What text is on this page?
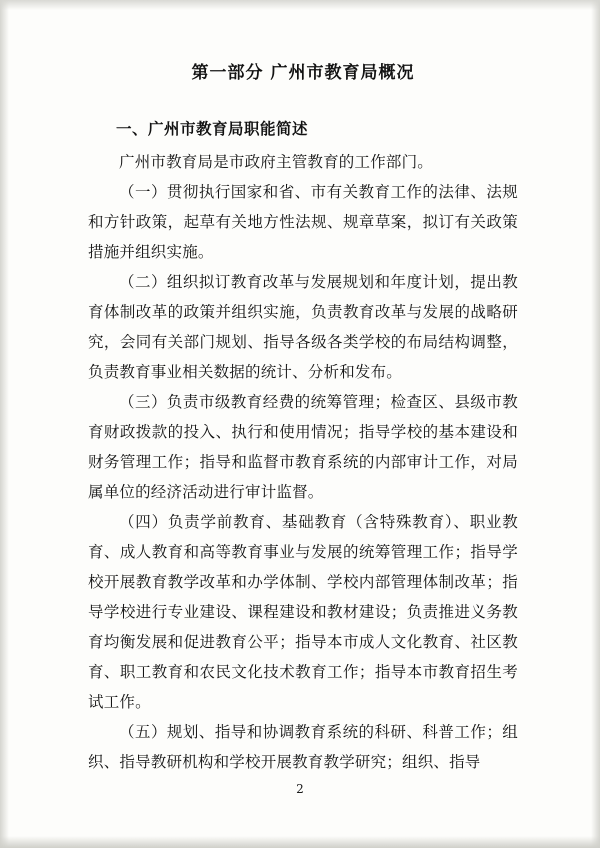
第一部分 广州市教育局概况
一、广州市教育局职能简述

广州市教育局是市政府主管教育的工作部门。

（一）贯彻执行国家和省、市有关教育工作的法律、法规和方针政策，起草有关地方性法规、规章草案，拟订有关政策措施并组织实施。

（二）组织拟订教育改革与发展规划和年度计划，提出教育体制改革的政策并组织实施，负责教育改革与发展的战略研究，会同有关部门规划、指导各级各类学校的布局结构调整，负责教育事业相关数据的统计、分析和发布。

（三）负责市级教育经费的统筹管理；检查区、县级市教育财政拨款的投入、执行和使用情况；指导学校的基本建设和财务管理工作；指导和监督市教育系统的内部审计工作，对局属单位的经济活动进行审计监督。

（四）负责学前教育、基础教育（含特殊教育）、职业教育、成人教育和高等教育事业与发展的统筹管理工作；指导学校开展教育教学改革和办学体制、学校内部管理体制改革；指导学校进行专业建设、课程建设和教材建设；负责推进义务教育均衡发展和促进教育公平；指导本市成人文化教育、社区教育、职工教育和农民文化技术教育工作；指导本市教育招生考试工作。

（五）规划、指导和协调教育系统的科研、科普工作；组织、指导教研机构和学校开展教育教学研究；组织、指导

2
